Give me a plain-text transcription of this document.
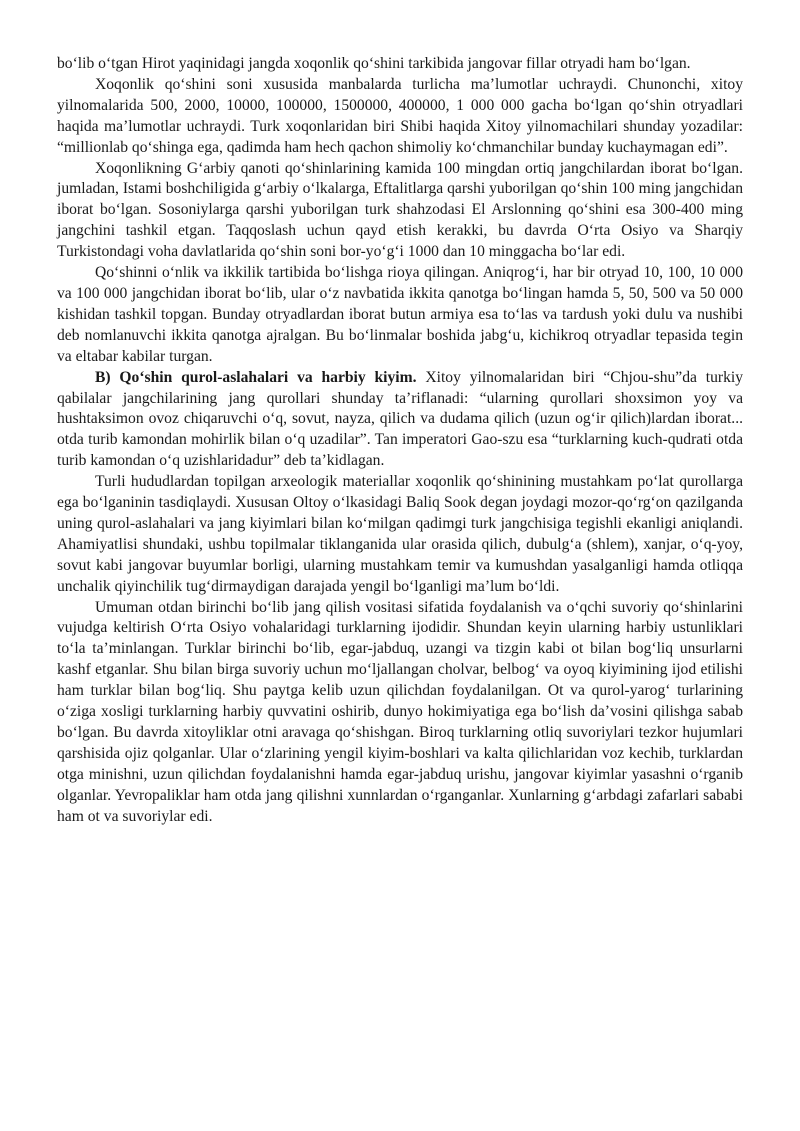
bo‘lib o‘tgan Hirot yaqinidagi jangda xoqonlik qo‘shini tarkibida jangovar fillar otryadi ham bo‘lgan.

Xoqonlik qo‘shini soni xususida manbalarda turlicha ma’lumotlar uchraydi. Chunonchi, xitoy yilnomalarida 500, 2000, 10000, 100000, 1500000, 400000, 1 000 000 gacha bo‘lgan qo‘shin otryadlari haqida ma’lumotlar uchraydi. Turk xoqonlaridan biri Shibi haqida Xitoy yilnomachilari shunday yozadilar: “millionlab qo‘shinga ega, qadimda ham hech qachon shimoliy ko‘chmanchilar bunday kuchaymagan edi”.

Xoqonlikning G‘arbiy qanoti qo‘shinlarining kamida 100 mingdan ortiq jangchilardan iborat bo‘lgan. jumladan, Istami boshchiligida g‘arbiy o‘lkalarga, Eftalitlarga qarshi yuborilgan qo‘shin 100 ming jangchidan iborat bo‘lgan. Sosoniylarga qarshi yuborilgan turk shahzodasi El Arslonning qo‘shini esa 300-400 ming jangchini tashkil etgan. Taqqoslash uchun qayd etish kerakki, bu davrda O‘rta Osiyo va Sharqiy Turkistondagi voha davlatlarida qo‘shin soni bor-yo‘g‘i 1000 dan 10 minggacha bo‘lar edi.

Qo‘shinni o‘nlik va ikkilik tartibida bo‘lishga rioya qilingan. Aniqrog‘i, har bir otryad 10, 100, 10 000 va 100 000 jangchidan iborat bo‘lib, ular o‘z navbatida ikkita qanotga bo‘lingan hamda 5, 50, 500 va 50 000 kishidan tashkil topgan. Bunday otryadlardan iborat butun armiya esa to‘las va tardush yoki dulu va nushibi deb nomlanuvchi ikkita qanotga ajralgan. Bu bo‘linmalar boshida jabg‘u, kichikroq otryadlar tepasida tegin va eltabar kabilar turgan.

B) Qo‘shin qurol-aslahalari va harbiy kiyim. Xitoy yilnomalaridan biri “Chjou-shu”da turkiy qabilalar jangchilarining jang qurollari shunday ta’riflanadi: “ularning qurollari shoxsimon yoy va hushtaksimon ovoz chiqaruvchi o‘q, sovut, nayza, qilich va dudama qilich (uzun og‘ir qilich)lardan iborat... otda turib kamondan mohirlik bilan o‘q uzadilar”. Tan imperatori Gao-szu esa “turklarning kuch-qudrati otda turib kamondan o‘q uzishlaridadur” deb ta’kidlagan.

Turli hududlardan topilgan arxeologik materiallar xoqonlik qo‘shinining mustahkam po‘lat qurollarga ega bo‘lganinin tasdiqlaydi. Xususan Oltoy o‘lkasidagi Baliq Sook degan joydagi mozor-qo‘rg‘on qazilganda uning qurol-aslahalari va jang kiyimlari bilan ko‘milgan qadimgi turk jangchisiga tegishli ekanligi aniqlandi. Ahamiyatlisi shundaki, ushbu topilmalar tiklanganida ular orasida qilich, dubulg‘a (shlem), xanjar, o‘q-yoy, sovut kabi jangovar buyumlar borligi, ularning mustahkam temir va kumushdan yasalganligi hamda otliqqa unchalik qiyinchilik tug‘dirmaydigan darajada yengil bo‘lganligi ma’lum bo‘ldi.

Umuman otdan birinchi bo‘lib jang qilish vositasi sifatida foydalanish va o‘qchi suvoriy qo‘shinlarini vujudga keltirish O‘rta Osiyo vohalaridagi turklarning ijodidir. Shundan keyin ularning harbiy ustunliklari to‘la ta’minlangan. Turklar birinchi bo‘lib, egar-jabduq, uzangi va tizgin kabi ot bilan bog‘liq unsurlarni kashf etganlar. Shu bilan birga suvoriy uchun mo‘ljallangan cholvar, belbog‘ va oyoq kiyimining ijod etilishi ham turklar bilan bog‘liq. Shu paytga kelib uzun qilichdan foydalanilgan. Ot va qurol-yarog‘ turlarining o‘ziga xosligi turklarning harbiy quvvatini oshirib, dunyo hokimiyatiga ega bo‘lish da’vosini qilishga sabab bo‘lgan. Bu davrda xitoyliklar otni aravaga qo‘shishgan. Biroq turklarning otliq suvoriylari tezkor hujumlari qarshisida ojiz qolganlar. Ular o‘zlarining yengil kiyim-boshlari va kalta qilichlaridan voz kechib, turklardan otga minishni, uzun qilichdan foydalanishni hamda egar-jabduq urishu, jangovar kiyimlar yasashni o‘rganib olganlar. Yevropaliklar ham otda jang qilishni xunnlardan o‘rganganlar. Xunlarning g‘arbdagi zafarlari sababi ham ot va suvoriylar edi.
